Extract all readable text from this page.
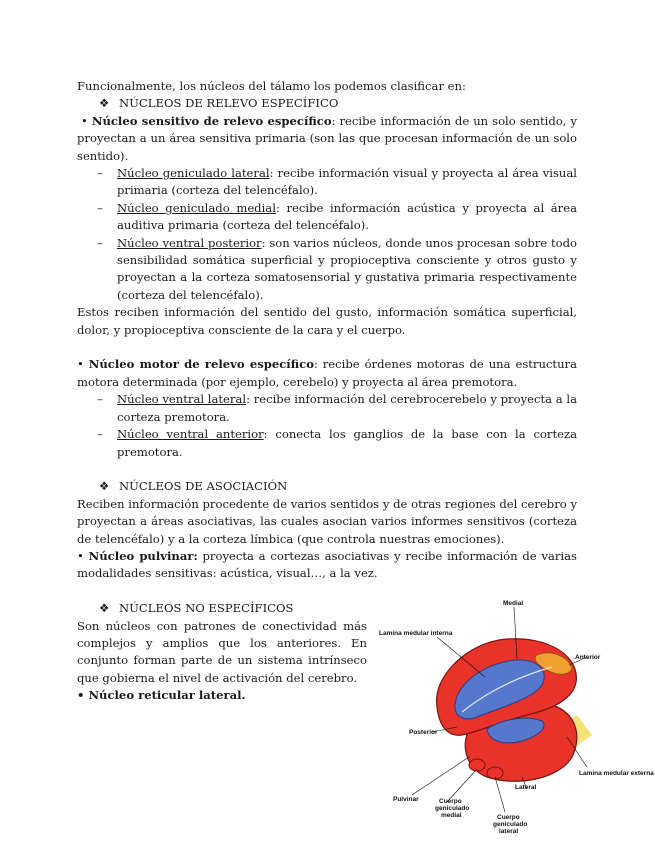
Funcionalmente, los núcleos del tálamo los podemos clasificar en:

❖ NÚCLEOS DE RELEVO ESPECÍFICO

• Núcleo sensitivo de relevo específico: recibe información de un solo sentido, y proyectan a un área sensitiva primaria (son las que procesan información de un solo sentido).

– Núcleo geniculado lateral: recibe información visual y proyecta al área visual primaria (corteza del telencéfalo).
– Núcleo geniculado medial: recibe información acústica y proyecta al área auditiva primaria (corteza del telencéfalo).
– Núcleo ventral posterior: son varios núcleos, donde unos procesan sobre todo sensibilidad somática superficial y propioceptiva consciente y otros gusto y proyectan a la corteza somatosensorial y gustativa primaria respectivamente (corteza del telencéfalo).

Estos reciben información del sentido del gusto, información somática superficial, dolor, y propioceptiva consciente de la cara y el cuerpo.

• Núcleo motor de relevo específico: recibe órdenes motoras de una estructura motora determinada (por ejemplo, cerebelo) y proyecta al área premotora.

– Núcleo ventral lateral: recibe información del cerebrocerebelo y proyecta a la corteza premotora.
– Núcleo ventral anterior: conecta los ganglios de la base con la corteza premotora.

❖ NÚCLEOS DE ASOCIACIÓN

Reciben información procedente de varios sentidos y de otras regiones del cerebro y proyectan a áreas asociativas, las cuales asocian varios informes sensitivos (corteza de telencéfalo) y a la corteza límbica (que controla nuestras emociones).

• Núcleo pulvinar: proyecta a cortezas asociativas y recibe información de varias modalidades sensitivas: acústica, visual…, a la vez.

❖ NÚCLEOS NO ESPECÍFICOS

Son núcleos con patrones de conectividad más complejos y amplios que los anteriores. En conjunto forman parte de un sistema intrínseco que gobierna el nivel de activación del cerebro.

• Núcleo reticular lateral.

Medial
Lamina medular interna
Anterior
Posterior
Lateral
Lamina medular externa
Pulvinar	Cuerpo
geniculado
medial	Cuerpo
geniculado
lateral
